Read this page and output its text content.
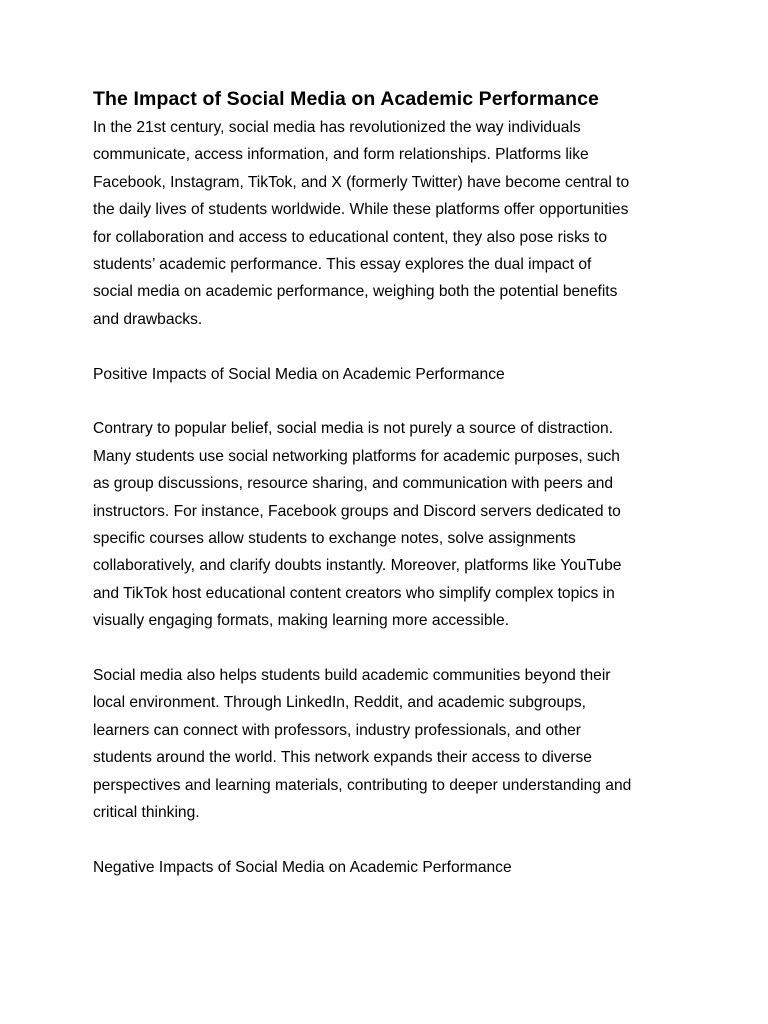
The Impact of Social Media on Academic Performance

In the 21st century, social media has revolutionized the way individuals
communicate, access information, and form relationships. Platforms like
Facebook, Instagram, TikTok, and X (formerly Twitter) have become central to
the daily lives of students worldwide. While these platforms offer opportunities
for collaboration and access to educational content, they also pose risks to
students’ academic performance. This essay explores the dual impact of
social media on academic performance, weighing both the potential benefits
and drawbacks.

Positive Impacts of Social Media on Academic Performance

Contrary to popular belief, social media is not purely a source of distraction.
Many students use social networking platforms for academic purposes, such
as group discussions, resource sharing, and communication with peers and
instructors. For instance, Facebook groups and Discord servers dedicated to
specific courses allow students to exchange notes, solve assignments
collaboratively, and clarify doubts instantly. Moreover, platforms like YouTube
and TikTok host educational content creators who simplify complex topics in
visually engaging formats, making learning more accessible.

Social media also helps students build academic communities beyond their
local environment. Through LinkedIn, Reddit, and academic subgroups,
learners can connect with professors, industry professionals, and other
students around the world. This network expands their access to diverse
perspectives and learning materials, contributing to deeper understanding and
critical thinking.

Negative Impacts of Social Media on Academic Performance
